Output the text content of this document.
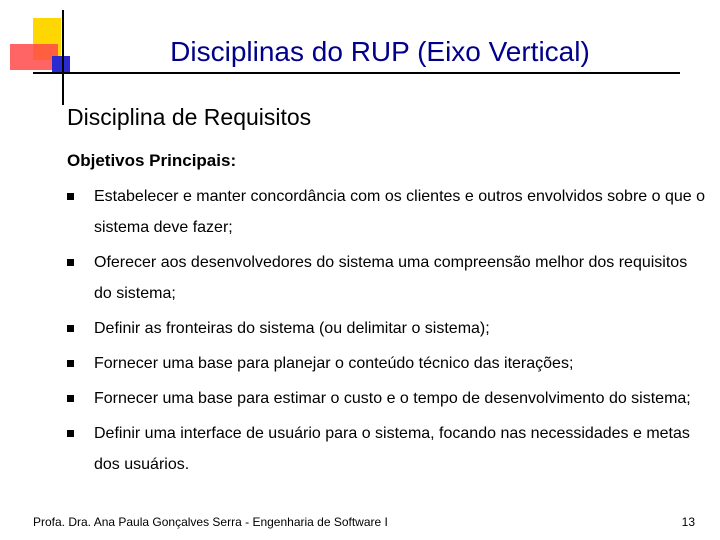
Disciplinas do RUP (Eixo Vertical)
Disciplina de Requisitos
Objetivos Principais:
Estabelecer e manter concordância com os clientes e outros envolvidos sobre o que o sistema deve fazer;
Oferecer aos desenvolvedores do sistema uma compreensão melhor dos requisitos do sistema;
Definir as fronteiras do sistema (ou delimitar o sistema);
Fornecer uma base para planejar o conteúdo técnico das iterações;
Fornecer uma base para estimar o custo e o tempo de desenvolvimento do sistema;
Definir uma interface de usuário para o sistema, focando nas necessidades e metas dos usuários.
Profa. Dra. Ana Paula Gonçalves Serra - Engenharia de Software I	13
